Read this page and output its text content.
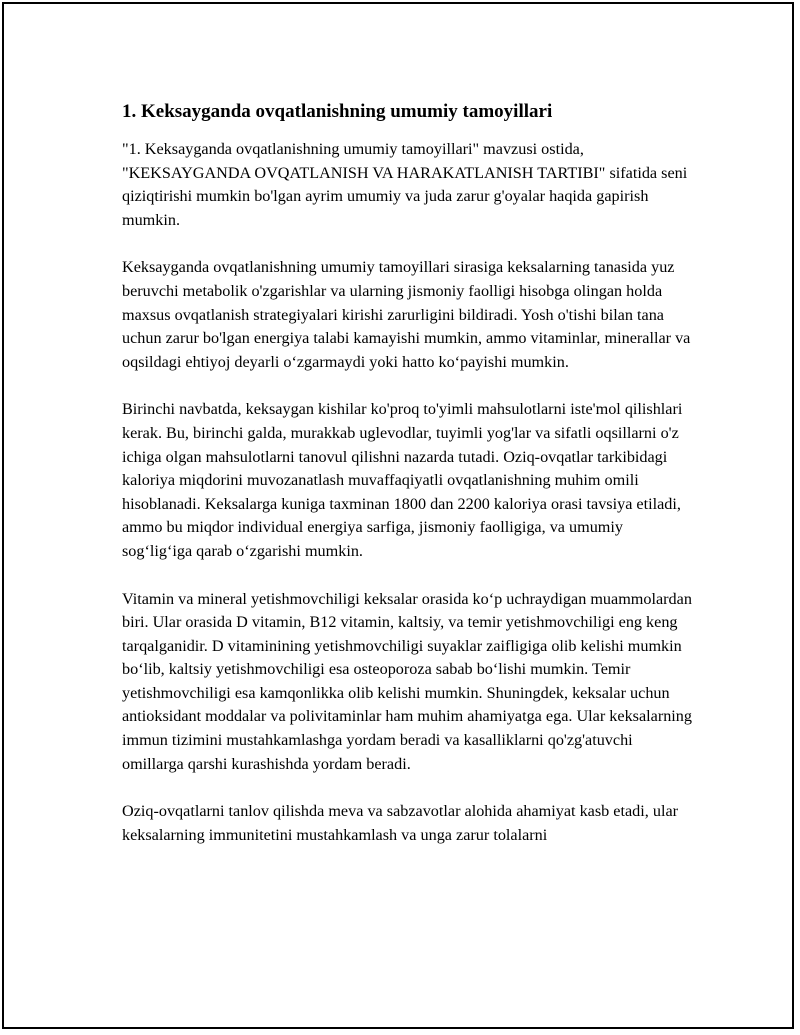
1. Keksayganda ovqatlanishning umumiy tamoyillari

"1. Keksayganda ovqatlanishning umumiy tamoyillari" mavzusi ostida, "KEKSAYGANDA OVQATLANISH VA HARAKATLANISH TARTIBI" sifatida seni qiziqtirishi mumkin bo'lgan ayrim umumiy va juda zarur g'oyalar haqida gapirish mumkin.

Keksayganda ovqatlanishning umumiy tamoyillari sirasiga keksalarning tanasida yuz beruvchi metabolik o'zgarishlar va ularning jismoniy faolligi hisobga olingan holda maxsus ovqatlanish strategiyalari kirishi zarurligini bildiradi. Yosh o'tishi bilan tana uchun zarur bo'lgan energiya talabi kamayishi mumkin, ammo vitaminlar, minerallar va oqsildagi ehtiyoj deyarli o‘zgarmaydi yoki hatto ko‘payishi mumkin.

Birinchi navbatda, keksaygan kishilar ko'proq to'yimli mahsulotlarni iste'mol qilishlari kerak. Bu, birinchi galda, murakkab uglevodlar, tuyimli yog'lar va sifatli oqsillarni o'z ichiga olgan mahsulotlarni tanovul qilishni nazarda tutadi. Oziq-ovqatlar tarkibidagi kaloriya miqdorini muvozanatlash muvaffaqiyatli ovqatlanishning muhim omili hisoblanadi. Keksalarga kuniga taxminan 1800 dan 2200 kaloriya orasi tavsiya etiladi, ammo bu miqdor individual energiya sarfiga, jismoniy faolligiga, va umumiy sog‘lig‘iga qarab o‘zgarishi mumkin.

Vitamin va mineral yetishmovchiligi keksalar orasida ko‘p uchraydigan muammolardan biri. Ular orasida D vitamin, B12 vitamin, kaltsiy, va temir yetishmovchiligi eng keng tarqalganidir. D vitaminining yetishmovchiligi suyaklar zaifligiga olib kelishi mumkin bo‘lib, kaltsiy yetishmovchiligi esa osteoporoza sabab bo‘lishi mumkin. Temir yetishmovchiligi esa kamqonlikka olib kelishi mumkin. Shuningdek, keksalar uchun antioksidant moddalar va polivitaminlar ham muhim ahamiyatga ega. Ular keksalarning immun tizimini mustahkamlashga yordam beradi va kasalliklarni qo'zg'atuvchi omillarga qarshi kurashishda yordam beradi.

Oziq-ovqatlarni tanlov qilishda meva va sabzavotlar alohida ahamiyat kasb etadi, ular keksalarning immunitetini mustahkamlash va unga zarur tolalarni
